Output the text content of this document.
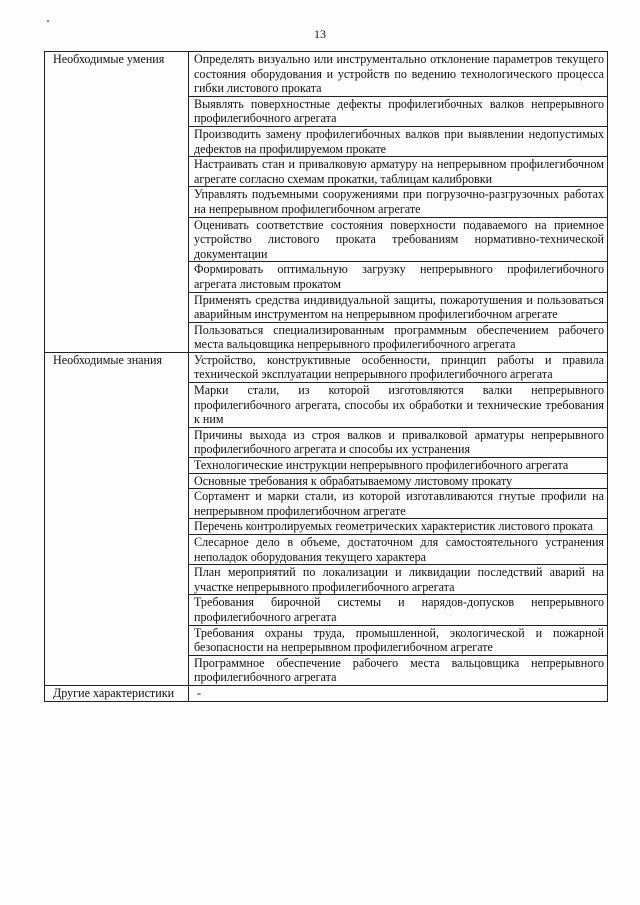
13
Необходимые умения	Определять визуально или инструментально отклонение параметров текущего состояния оборудования и устройств по ведению технологического процесса гибки листового проката
	Выявлять поверхностные дефекты профилегибочных валков непрерывного профилегибочного агрегата
	Производить замену профилегибочных валков при выявлении недопустимых дефектов на профилируемом прокате
	Настраивать стан и привалковую арматуру на непрерывном профилегибочном агрегате согласно схемам прокатки, таблицам калибровки
	Управлять подъемными сооружениями при погрузочно-разгрузочных работах на непрерывном профилегибочном агрегате
	Оценивать соответствие состояния поверхности подаваемого на приемное устройство листового проката требованиям нормативно-технической документации
	Формировать оптимальную загрузку непрерывного профилегибочного агрегата листовым прокатом
	Применять средства индивидуальной защиты, пожаротушения и пользоваться аварийным инструментом на непрерывном профилегибочном агрегате
	Пользоваться специализированным программным обеспечением рабочего места вальцовщика непрерывного профилегибочного агрегата
Необходимые знания	Устройство, конструктивные особенности, принцип работы и правила технической эксплуатации непрерывного профилегибочного агрегата
	Марки стали, из которой изготовляются валки непрерывного профилегибочного агрегата, способы их обработки и технические требования к ним
	Причины выхода из строя валков и привалковой арматуры непрерывного профилегибочного агрегата и способы их устранения
	Технологические инструкции непрерывного профилегибочного агрегата
	Основные требования к обрабатываемому листовому прокату
	Сортамент и марки стали, из которой изготавливаются гнутые профили на непрерывном профилегибочном агрегате
	Перечень контролируемых геометрических характеристик листового проката
	Слесарное дело в объеме, достаточном для самостоятельного устранения неполадок оборудования текущего характера
	План мероприятий по локализации и ликвидации последствий аварий на участке непрерывного профилегибочного агрегата
	Требования бирочной системы и нарядов-допусков непрерывного профилегибочного агрегата
	Требования охраны труда, промышленной, экологической и пожарной безопасности на непрерывном профилегибочном агрегате
	Программное обеспечение рабочего места вальцовщика непрерывного профилегибочного агрегата
Другие характеристики	-
